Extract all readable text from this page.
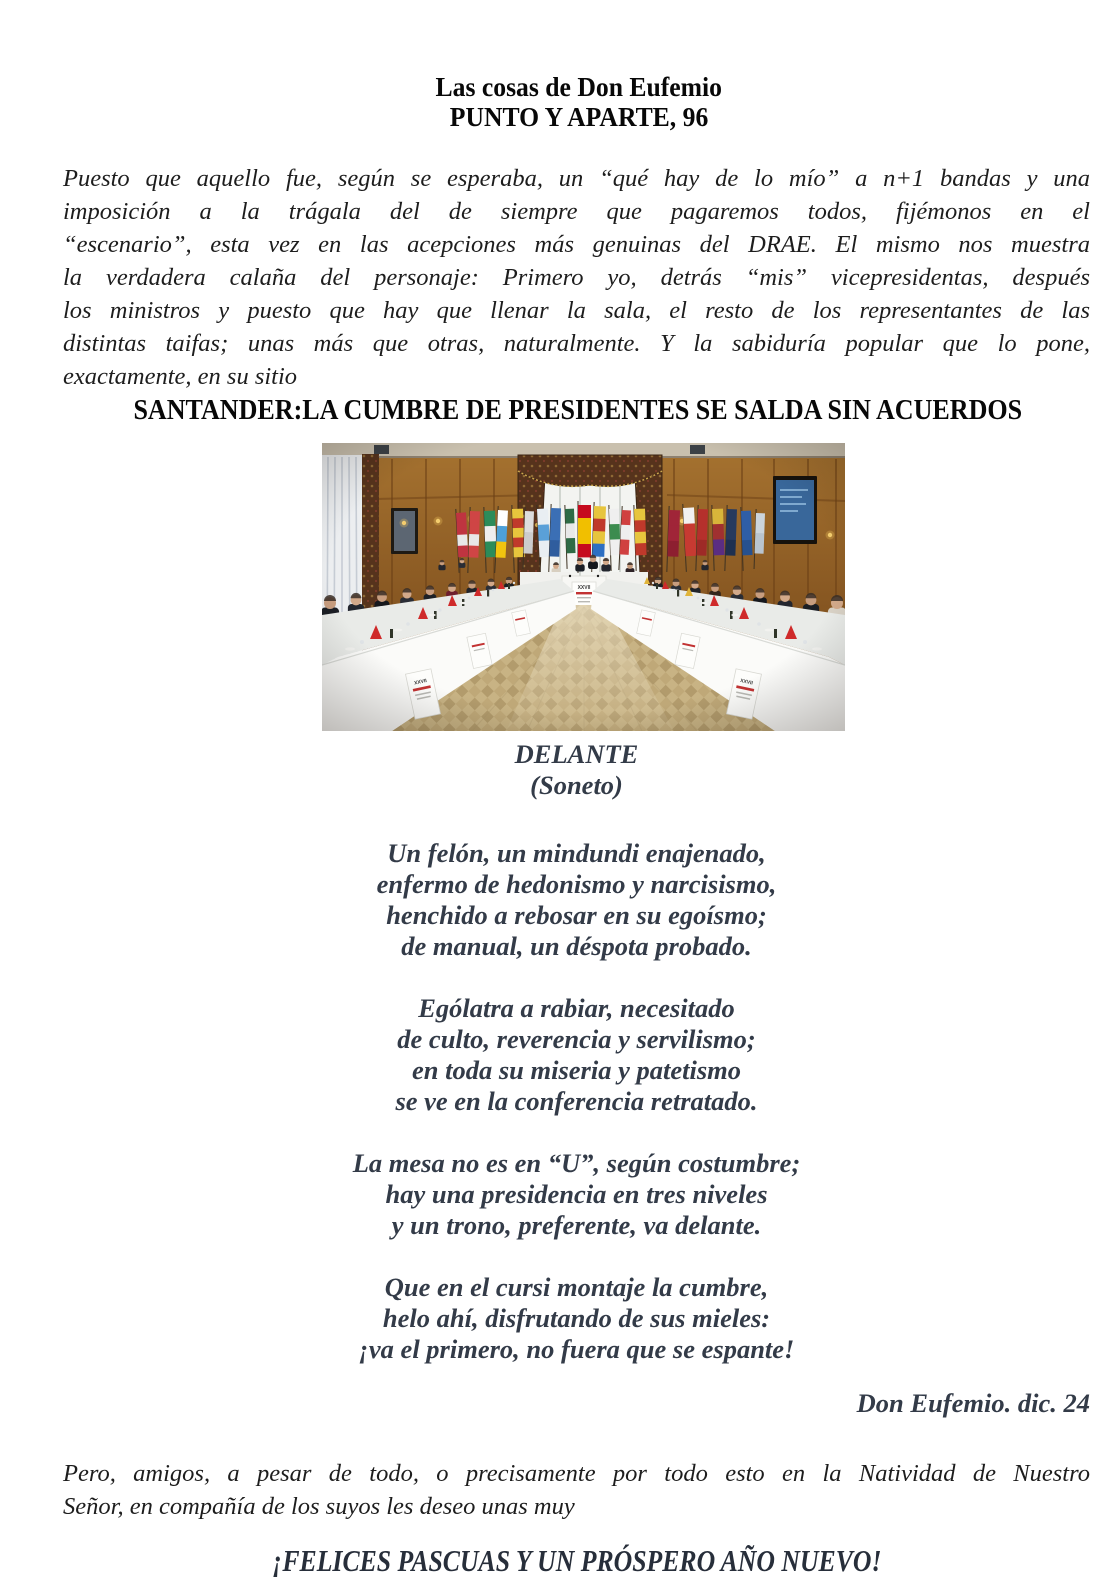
Las cosas de Don Eufemio
PUNTO Y APARTE, 96
Puesto que aquello fue, según se esperaba, un “qué hay de lo mío” a n+1 bandas y una
imposición a la trágala del de siempre que pagaremos todos, fijémonos en el
“escenario”, esta vez en las acepciones más genuinas del DRAE. El mismo nos muestra
la verdadera calaña del personaje: Primero yo, detrás “mis” vicepresidentas, después
los ministros y puesto que hay que llenar la sala, el resto de los representantes de las
distintas taifas; unas más que otras, naturalmente. Y la sabiduría popular que lo pone,
exactamente, en su sitio
SANTANDER:LA CUMBRE DE PRESIDENTES SE SALDA SIN ACUERDOS
DELANTE
(Soneto)
Un felón, un mindundi enajenado,
enfermo de hedonismo y narcisismo,
henchido a rebosar en su egoísmo;
de manual, un déspota probado.
Ególatra a rabiar, necesitado
de culto, reverencia y servilismo;
en toda su miseria y patetismo
se ve en la conferencia retratado.
La mesa no es en “U”, según costumbre;
hay una presidencia en tres niveles
y un trono, preferente, va delante.
Que en el cursi montaje la cumbre,
helo ahí, disfrutando de sus mieles:
¡va el primero, no fuera que se espante!
Don Eufemio. dic. 24
Pero, amigos, a pesar de todo, o precisamente por todo esto en la Natividad de Nuestro
Señor, en compañía de los suyos les deseo unas muy
¡FELICES PASCUAS Y UN PRÓSPERO AÑO NUEVO!
